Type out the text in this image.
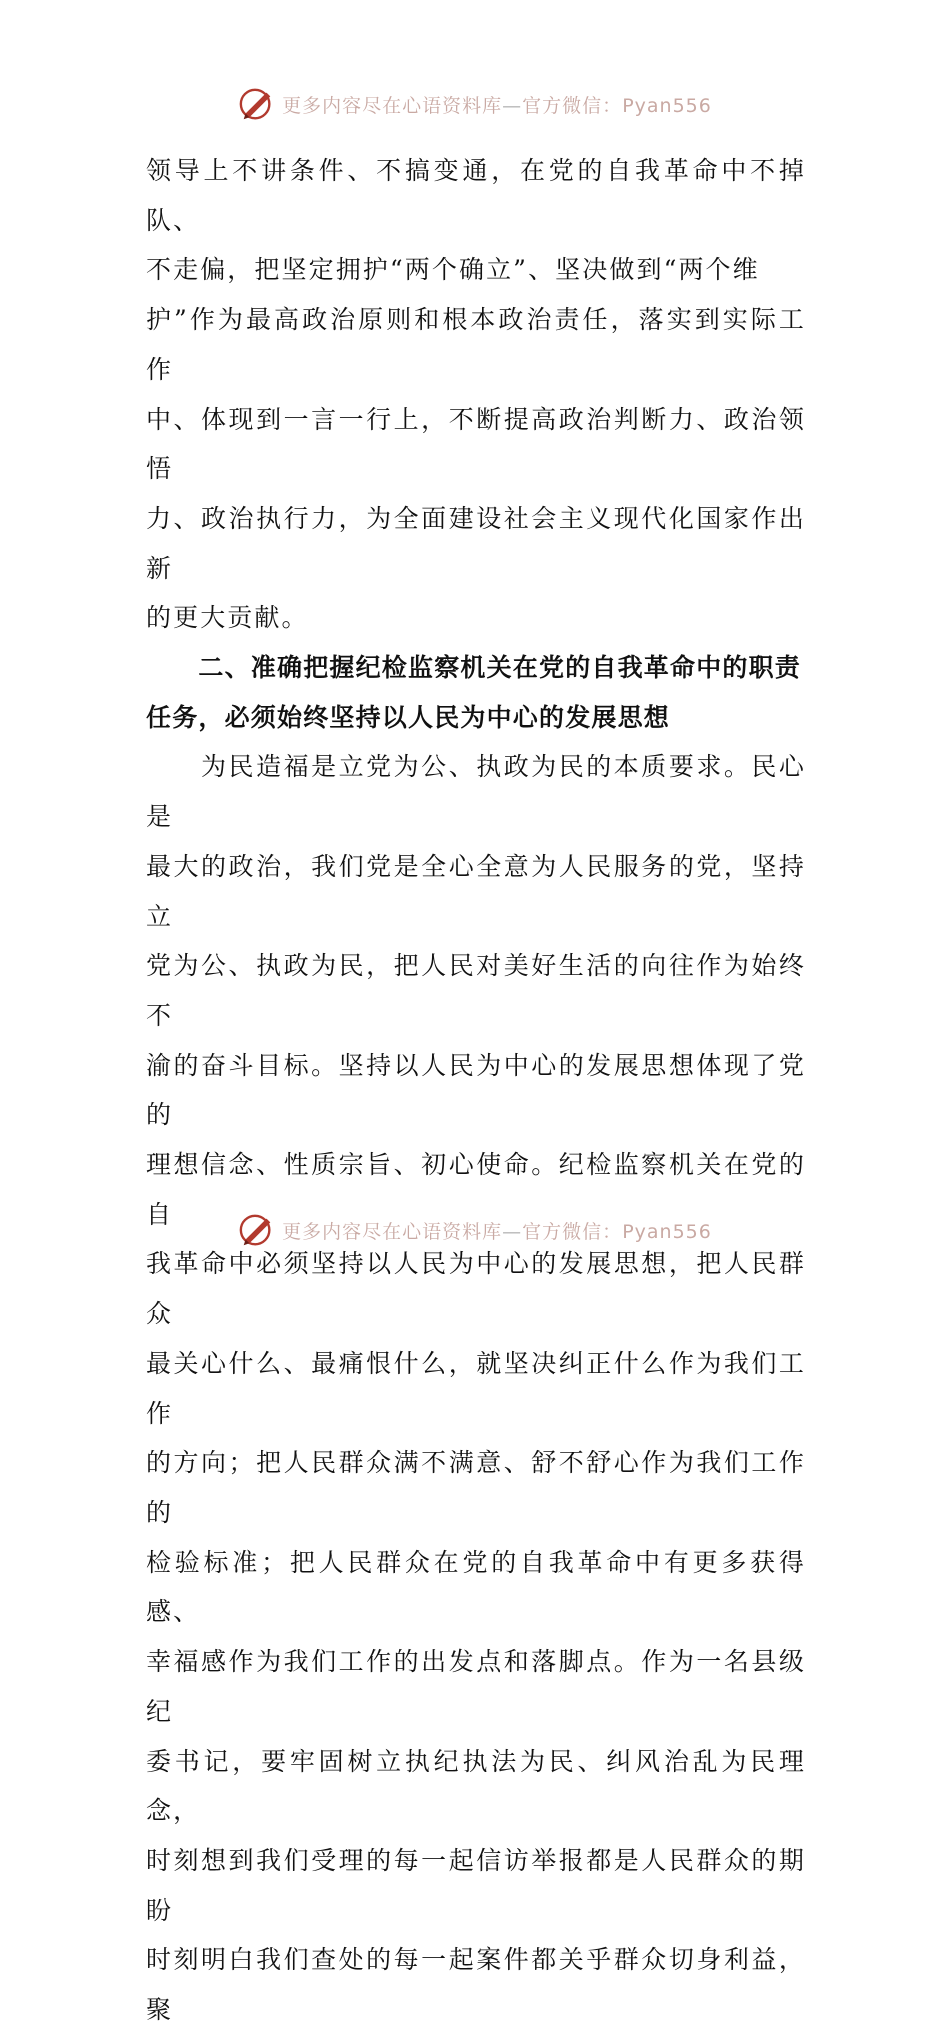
更多内容尽在心语资料库—官方微信：Pyan556

领导上不讲条件、不搞变通，在党的自我革命中不掉队、
不走偏，把坚定拥护“两个确立”、坚决做到“两个维
护”作为最高政治原则和根本政治责任，落实到实际工作
中、体现到一言一行上，不断提高政治判断力、政治领悟
力、政治执行力，为全面建设社会主义现代化国家作出新
的更大贡献。

　　二、准确把握纪检监察机关在党的自我革命中的职责
任务，必须始终坚持以人民为中心的发展思想

　　为民造福是立党为公、执政为民的本质要求。民心是
最大的政治，我们党是全心全意为人民服务的党，坚持立
党为公、执政为民，把人民对美好生活的向往作为始终不
渝的奋斗目标。坚持以人民为中心的发展思想体现了党的
理想信念、性质宗旨、初心使命。纪检监察机关在党的自
我革命中必须坚持以人民为中心的发展思想，把人民群众
最关心什么、最痛恨什么，就坚决纠正什么作为我们工作
的方向；把人民群众满不满意、舒不舒心作为我们工作的
检验标准；把人民群众在党的自我革命中有更多获得感、
幸福感作为我们工作的出发点和落脚点。作为一名县级纪
委书记，要牢固树立执纪执法为民、纠风治乱为民理念，
时刻想到我们受理的每一起信访举报都是人民群众的期盼
时刻明白我们查处的每一起案件都关乎群众切身利益，聚

更多内容尽在心语资料库—官方微信：Pyan556
